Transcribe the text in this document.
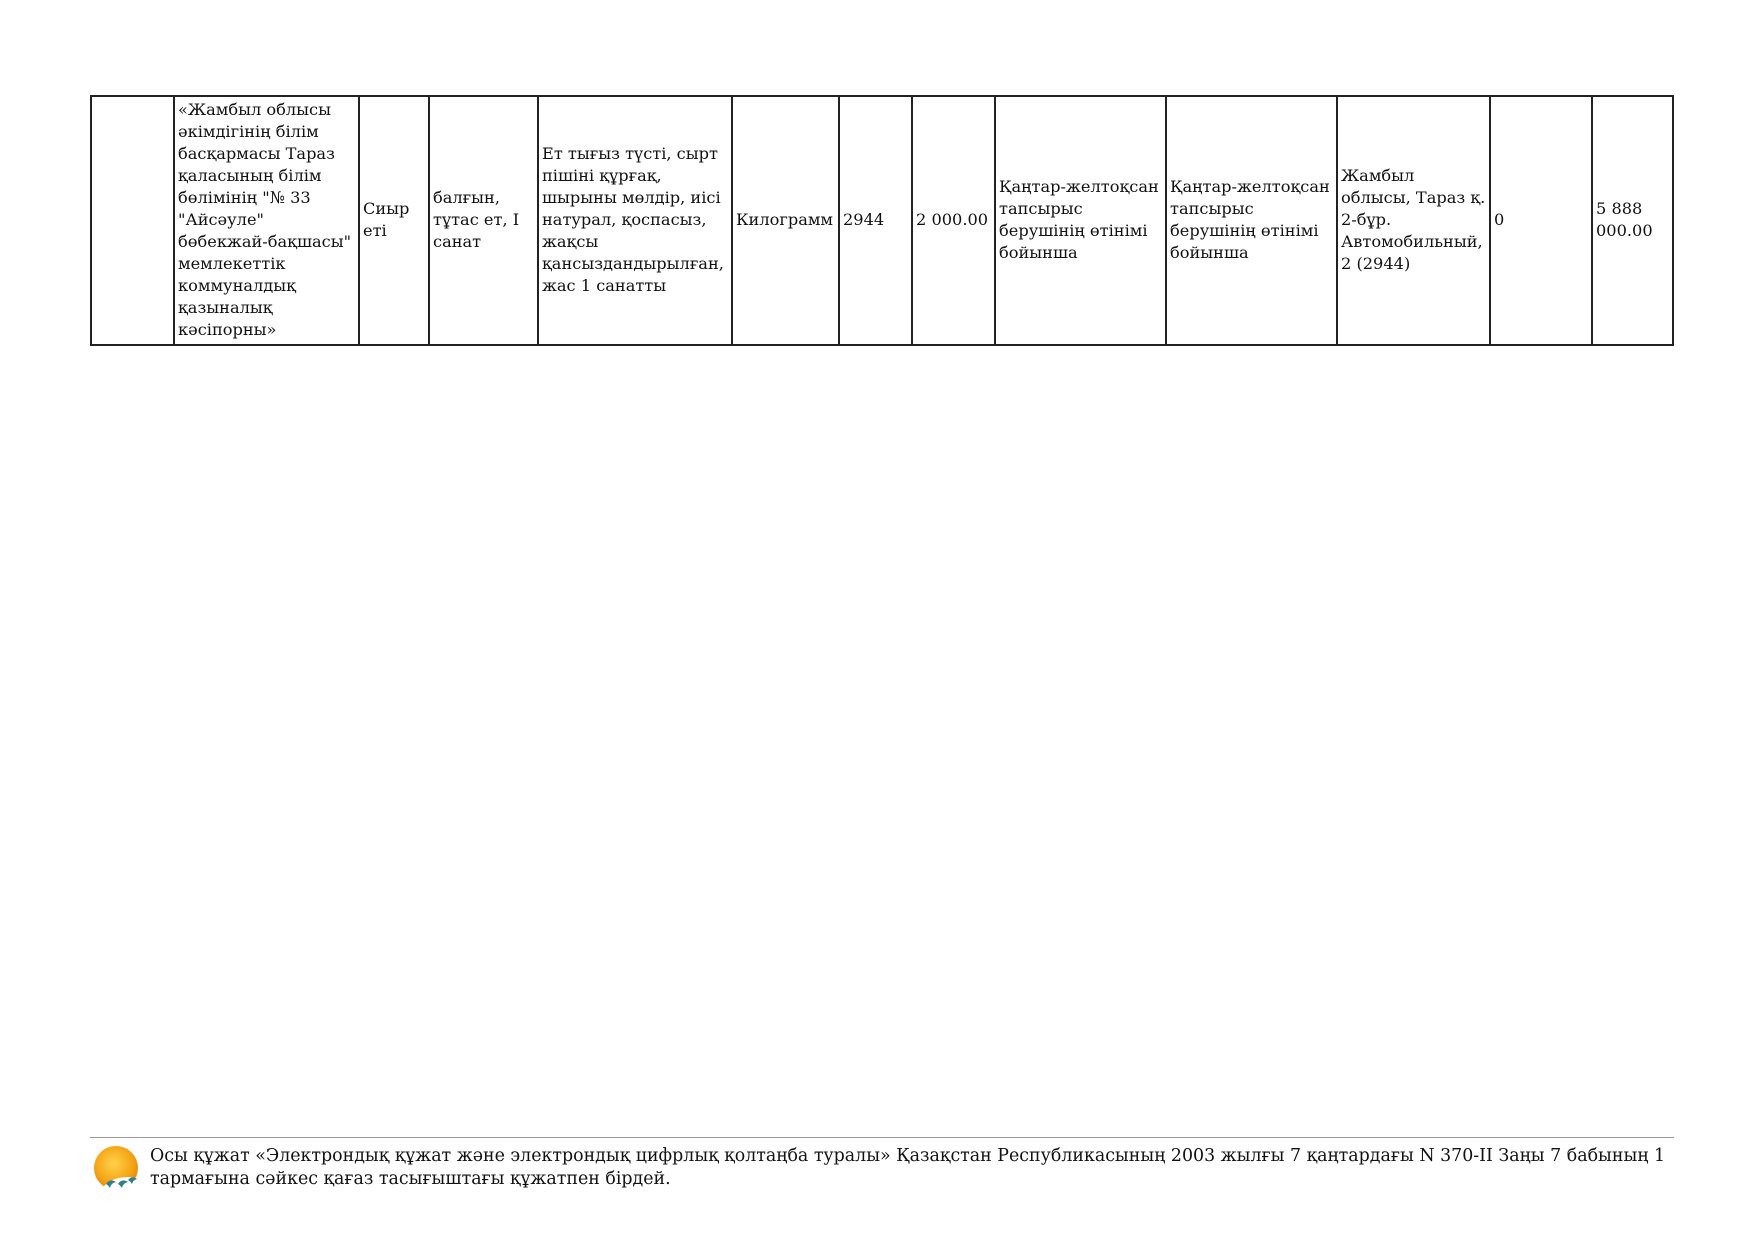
	«Жамбыл облысы әкімдігінің білім басқармасы Тараз қаласының білім бөлімінің "№ 33 "Айсәуле" бөбекжай-бақшасы" мемлекеттік коммуналдық қазыналық кәсіпорны»	Сиыр еті	балғын, тұтас ет, I санат	Ет тығыз түсті, сырт пішіні құрғақ, шырыны мөлдір, иісі натурал, қоспасыз, жақсы қансыздандырылған, жас 1 санатты	Килограмм	2944	2 000.00	Қаңтар-желтоқсан тапсырыс берушінің өтінімі бойынша	Қаңтар-желтоқсан тапсырыс берушінің өтінімі бойынша	Жамбыл облысы, Тараз қ. 2-бұр. Автомобильный, 2 (2944)	0	5 888 000.00
Осы құжат «Электрондық құжат және электрондық цифрлық қолтаңба туралы» Қазақстан Республикасының 2003 жылғы 7 қаңтардағы N 370-II Заңы 7 бабының 1 тармағына сәйкес қағаз тасығыштағы құжатпен бірдей.
